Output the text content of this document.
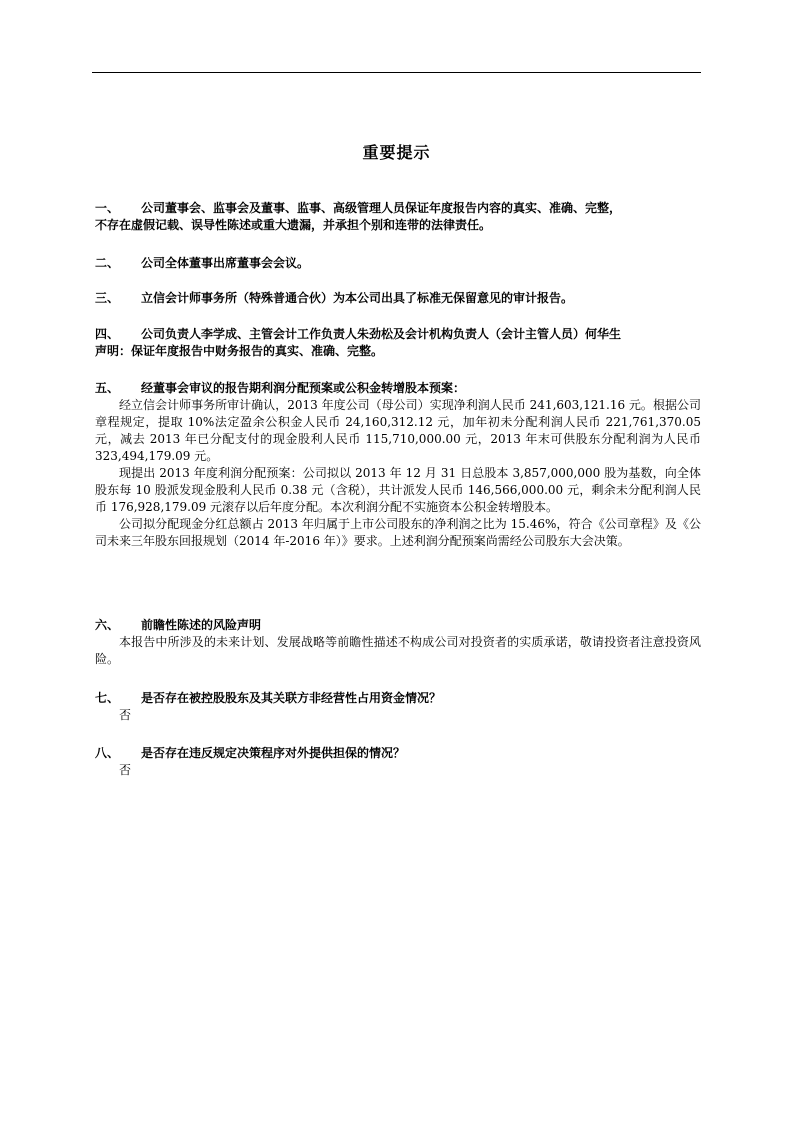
重要提示
一、 公司董事会、监事会及董事、监事、高级管理人员保证年度报告内容的真实、准确、完整，
不存在虚假记载、误导性陈述或重大遗漏，并承担个别和连带的法律责任。
二、 公司全体董事出席董事会会议。
三、 立信会计师事务所（特殊普通合伙）为本公司出具了标准无保留意见的审计报告。
四、 公司负责人李学成、主管会计工作负责人朱劲松及会计机构负责人（会计主管人员）何华生
声明：保证年度报告中财务报告的真实、准确、完整。
五、 经董事会审议的报告期利润分配预案或公积金转增股本预案：

经立信会计师事务所审计确认，2013 年度公司（母公司）实现净利润人民币 241,603,121.16 元。根据公司章程规定，提取 10%法定盈余公积金人民币 24,160,312.12 元，加年初未分配利润人民币 221,761,370.05 元，减去 2013 年已分配支付的现金股利人民币 115,710,000.00 元，2013 年末可供股东分配利润为人民币 323,494,179.09 元。

现提出 2013 年度利润分配预案：公司拟以 2013 年 12 月 31 日总股本 3,857,000,000 股为基数，向全体股东每 10 股派发现金股利人民币 0.38 元（含税），共计派发人民币 146,566,000.00 元，剩余未分配利润人民币 176,928,179.09 元滚存以后年度分配。本次利润分配不实施资本公积金转增股本。

公司拟分配现金分红总额占 2013 年归属于上市公司股东的净利润之比为 15.46%，符合《公司章程》及《公司未来三年股东回报规划（2014 年-2016 年）》要求。上述利润分配预案尚需经公司股东大会决策。

六、 前瞻性陈述的风险声明

本报告中所涉及的未来计划、发展战略等前瞻性描述不构成公司对投资者的实质承诺，敬请投资者注意投资风险。

七、 是否存在被控股股东及其关联方非经营性占用资金情况？

否

八、 是否存在违反规定决策程序对外提供担保的情况？

否
